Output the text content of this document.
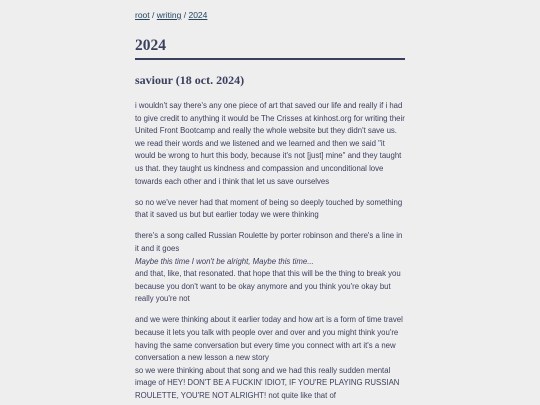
root / writing / 2024
2024
saviour (18 oct. 2024)

i wouldn't say there's any one piece of art that saved our life and really if i had to give credit to anything it would be The Crisses at kinhost.org for writing their United Front Bootcamp and really the whole website but they didn't save us. we read their words and we listened and we learned and then we said "it would be wrong to hurt this body, because it's not [just] mine" and they taught us that. they taught us kindness and compassion and unconditional love towards each other and i think that let us save ourselves

so no we've never had that moment of being so deeply touched by something that it saved us but but earlier today we were thinking

there's a song called Russian Roulette by porter robinson and there's a line in it and it goes
Maybe this time I won't be alright, Maybe this time...
and that, like, that resonated. that hope that this will be the thing to break you because you don't want to be okay anymore and you think you're okay but really you're not

and we were thinking about it earlier today and how art is a form of time travel because it lets you talk with people over and over and you might think you're having the same conversation but every time you connect with art it's a new conversation a new lesson a new story
so we were thinking about that song and we had this really sudden mental image of HEY! DON'T BE A FUCKIN' IDIOT, IF YOU'RE PLAYING RUSSIAN ROULETTE, YOU'RE NOT ALRIGHT! not quite like that of
